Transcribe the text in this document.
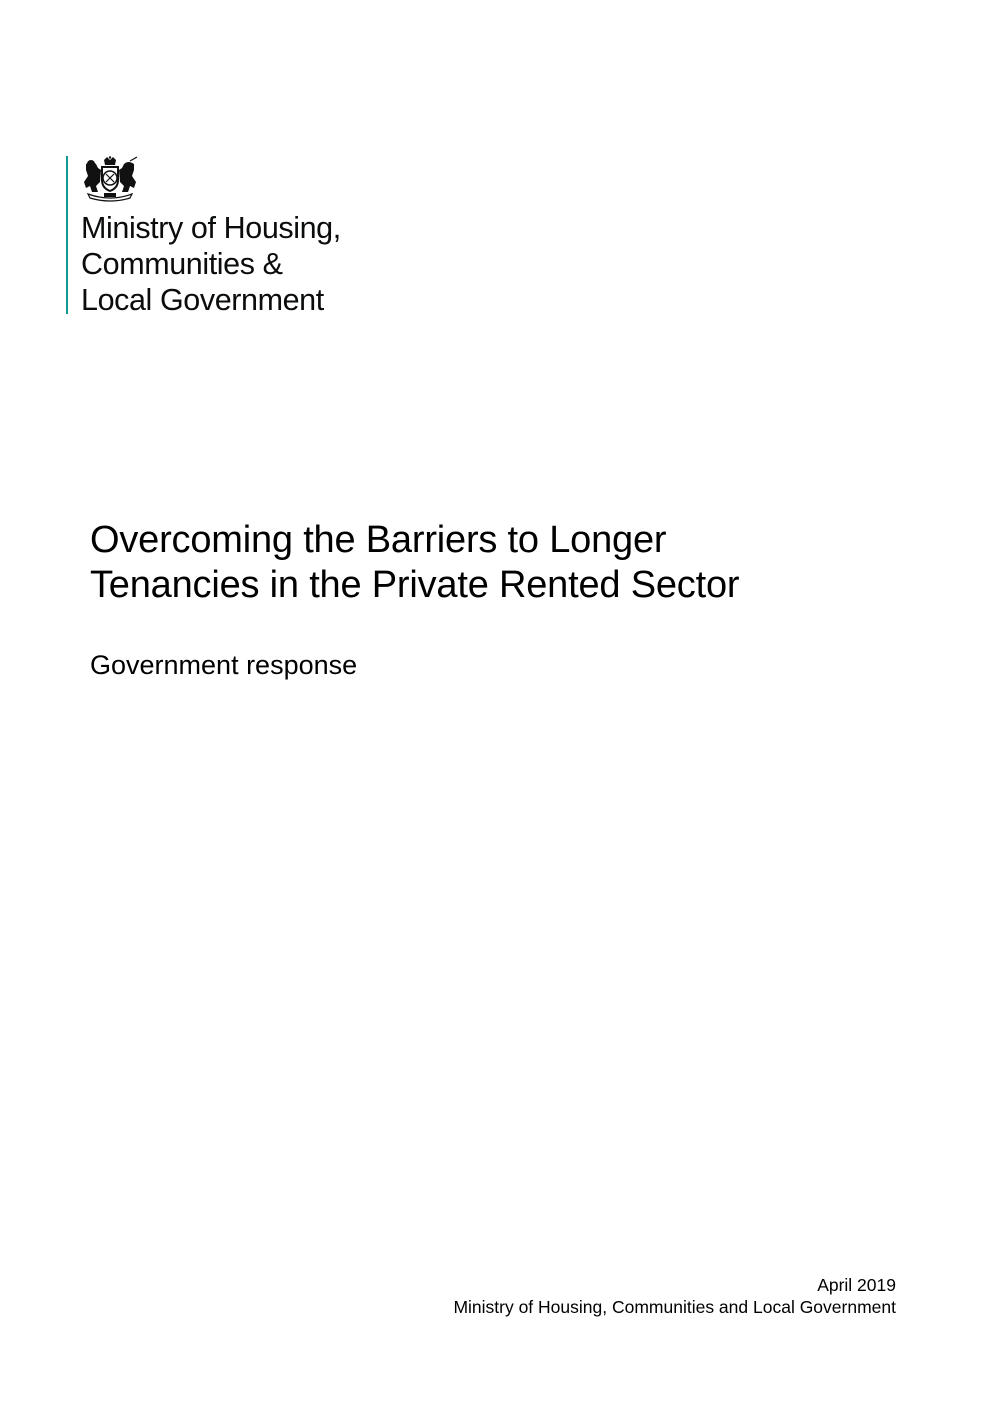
Ministry of Housing,
Communities &
Local Government
Overcoming the Barriers to Longer
Tenancies in the Private Rented Sector
Government response
April 2019
Ministry of Housing, Communities and Local Government
